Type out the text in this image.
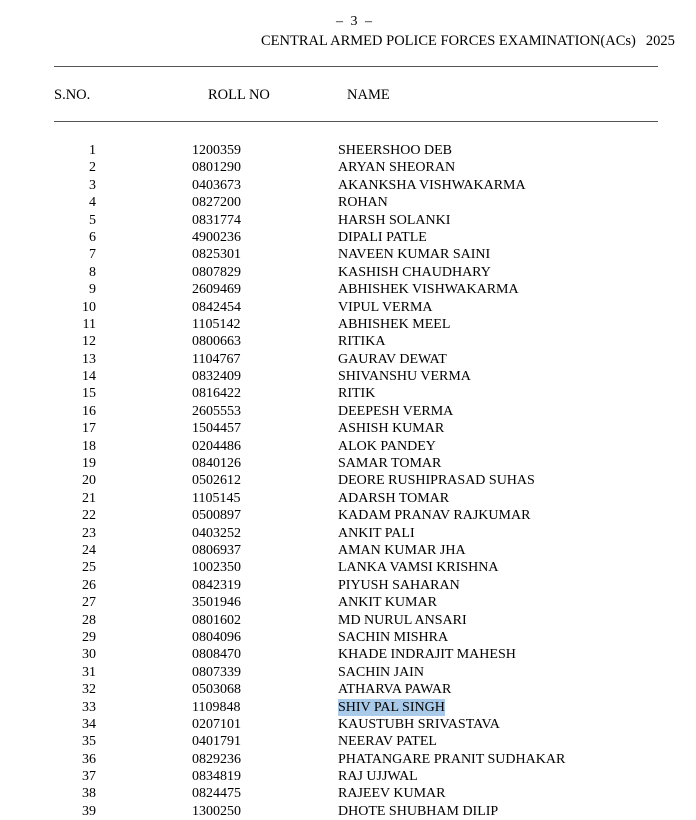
– 3 –
CENTRAL ARMED POLICE FORCES EXAMINATION(ACs) 2025
S.NO.	ROLL NO	NAME
1	1200359	SHEERSHOO DEB
2	0801290	ARYAN SHEORAN
3	0403673	AKANKSHA VISHWAKARMA
4	0827200	ROHAN
5	0831774	HARSH SOLANKI
6	4900236	DIPALI PATLE
7	0825301	NAVEEN KUMAR SAINI
8	0807829	KASHISH CHAUDHARY
9	2609469	ABHISHEK VISHWAKARMA
10	0842454	VIPUL VERMA
11	1105142	ABHISHEK MEEL
12	0800663	RITIKA
13	1104767	GAURAV DEWAT
14	0832409	SHIVANSHU VERMA
15	0816422	RITIK
16	2605553	DEEPESH VERMA
17	1504457	ASHISH KUMAR
18	0204486	ALOK PANDEY
19	0840126	SAMAR TOMAR
20	0502612	DEORE RUSHIPRASAD SUHAS
21	1105145	ADARSH TOMAR
22	0500897	KADAM PRANAV RAJKUMAR
23	0403252	ANKIT PALI
24	0806937	AMAN KUMAR JHA
25	1002350	LANKA VAMSI KRISHNA
26	0842319	PIYUSH SAHARAN
27	3501946	ANKIT KUMAR
28	0801602	MD NURUL ANSARI
29	0804096	SACHIN MISHRA
30	0808470	KHADE INDRAJIT MAHESH
31	0807339	SACHIN JAIN
32	0503068	ATHARVA PAWAR
33	1109848	SHIV PAL SINGH
34	0207101	KAUSTUBH SRIVASTAVA
35	0401791	NEERAV PATEL
36	0829236	PHATANGARE PRANIT SUDHAKAR
37	0834819	RAJ UJJWAL
38	0824475	RAJEEV KUMAR
39	1300250	DHOTE SHUBHAM DILIP
